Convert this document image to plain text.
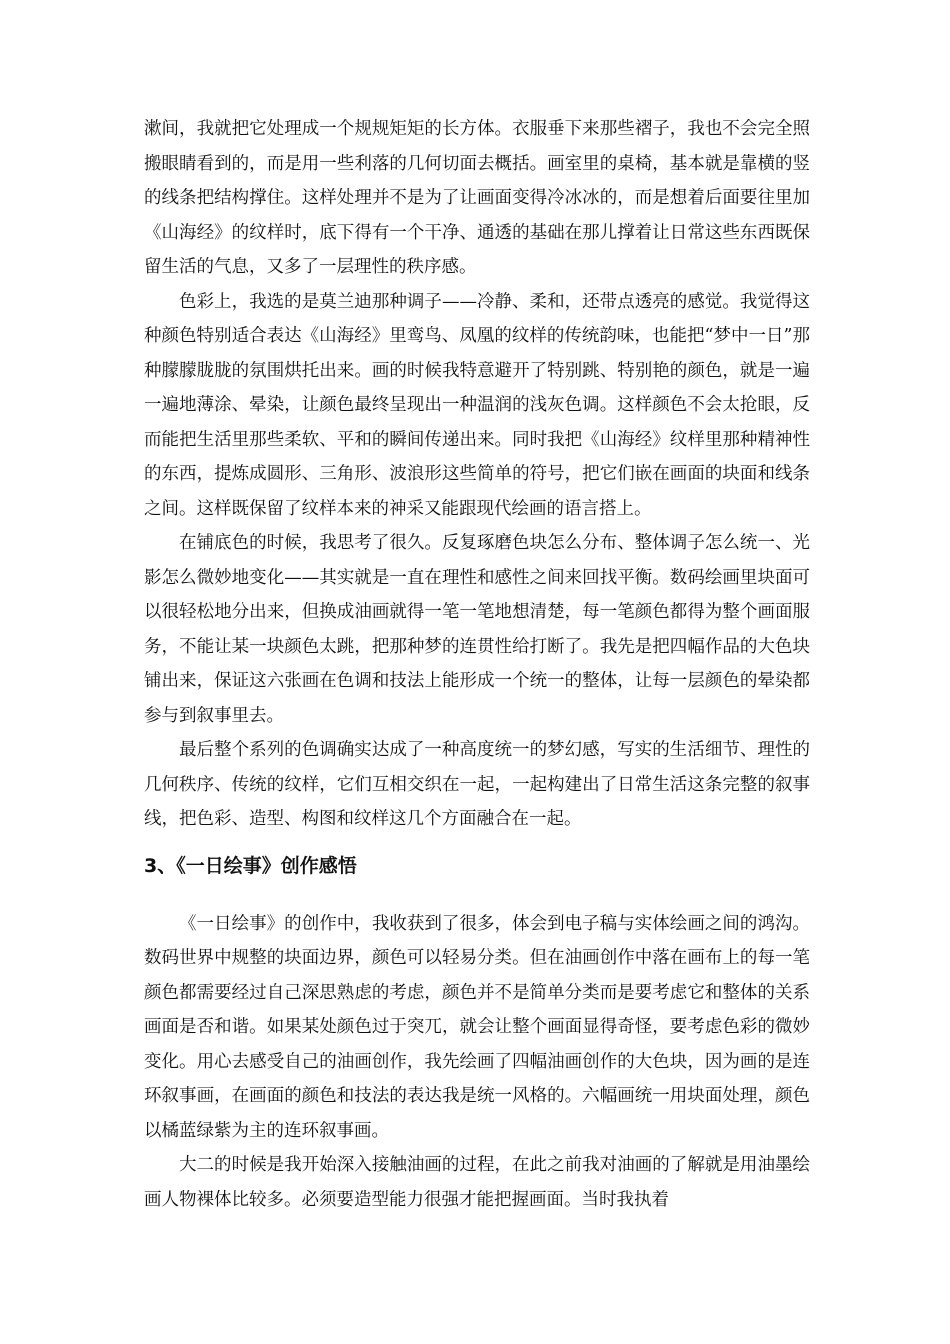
漱间，我就把它处理成一个规规矩矩的长方体。衣服垂下来那些褶子，我也不会完全照搬眼睛看到的，而是用一些利落的几何切面去概括。画室里的桌椅，基本就是靠横的竖的线条把结构撑住。这样处理并不是为了让画面变得冷冰冰的，而是想着后面要往里加《山海经》的纹样时，底下得有一个干净、通透的基础在那儿撑着让日常这些东西既保留生活的气息，又多了一层理性的秩序感。

色彩上，我选的是莫兰迪那种调子——冷静、柔和，还带点透亮的感觉。我觉得这种颜色特别适合表达《山海经》里鸾鸟、凤凰的纹样的传统韵味，也能把“梦中一日”那种朦朦胧胧的氛围烘托出来。画的时候我特意避开了特别跳、特别艳的颜色，就是一遍一遍地薄涂、晕染，让颜色最终呈现出一种温润的浅灰色调。这样颜色不会太抢眼，反而能把生活里那些柔软、平和的瞬间传递出来。同时我把《山海经》纹样里那种精神性的东西，提炼成圆形、三角形、波浪形这些简单的符号，把它们嵌在画面的块面和线条之间。这样既保留了纹样本来的神采又能跟现代绘画的语言搭上。

在铺底色的时候，我思考了很久。反复琢磨色块怎么分布、整体调子怎么统一、光影怎么微妙地变化——其实就是一直在理性和感性之间来回找平衡。数码绘画里块面可以很轻松地分出来，但换成油画就得一笔一笔地想清楚，每一笔颜色都得为整个画面服务，不能让某一块颜色太跳，把那种梦的连贯性给打断了。我先是把四幅作品的大色块铺出来，保证这六张画在色调和技法上能形成一个统一的整体，让每一层颜色的晕染都参与到叙事里去。

最后整个系列的色调确实达成了一种高度统一的梦幻感，写实的生活细节、理性的几何秩序、传统的纹样，它们互相交织在一起，一起构建出了日常生活这条完整的叙事线，把色彩、造型、构图和纹样这几个方面融合在一起。

3、《一日绘事》创作感悟

《一日绘事》的创作中，我收获到了很多，体会到电子稿与实体绘画之间的鸿沟。数码世界中规整的块面边界，颜色可以轻易分类。但在油画创作中落在画布上的每一笔颜色都需要经过自己深思熟虑的考虑，颜色并不是简单分类而是要考虑它和整体的关系画面是否和谐。如果某处颜色过于突兀，就会让整个画面显得奇怪，要考虑色彩的微妙变化。用心去感受自己的油画创作，我先绘画了四幅油画创作的大色块，因为画的是连环叙事画，在画面的颜色和技法的表达我是统一风格的。六幅画统一用块面处理，颜色以橘蓝绿紫为主的连环叙事画。

大二的时候是我开始深入接触油画的过程，在此之前我对油画的了解就是用油墨绘画人物裸体比较多。必须要造型能力很强才能把握画面。当时我执着
